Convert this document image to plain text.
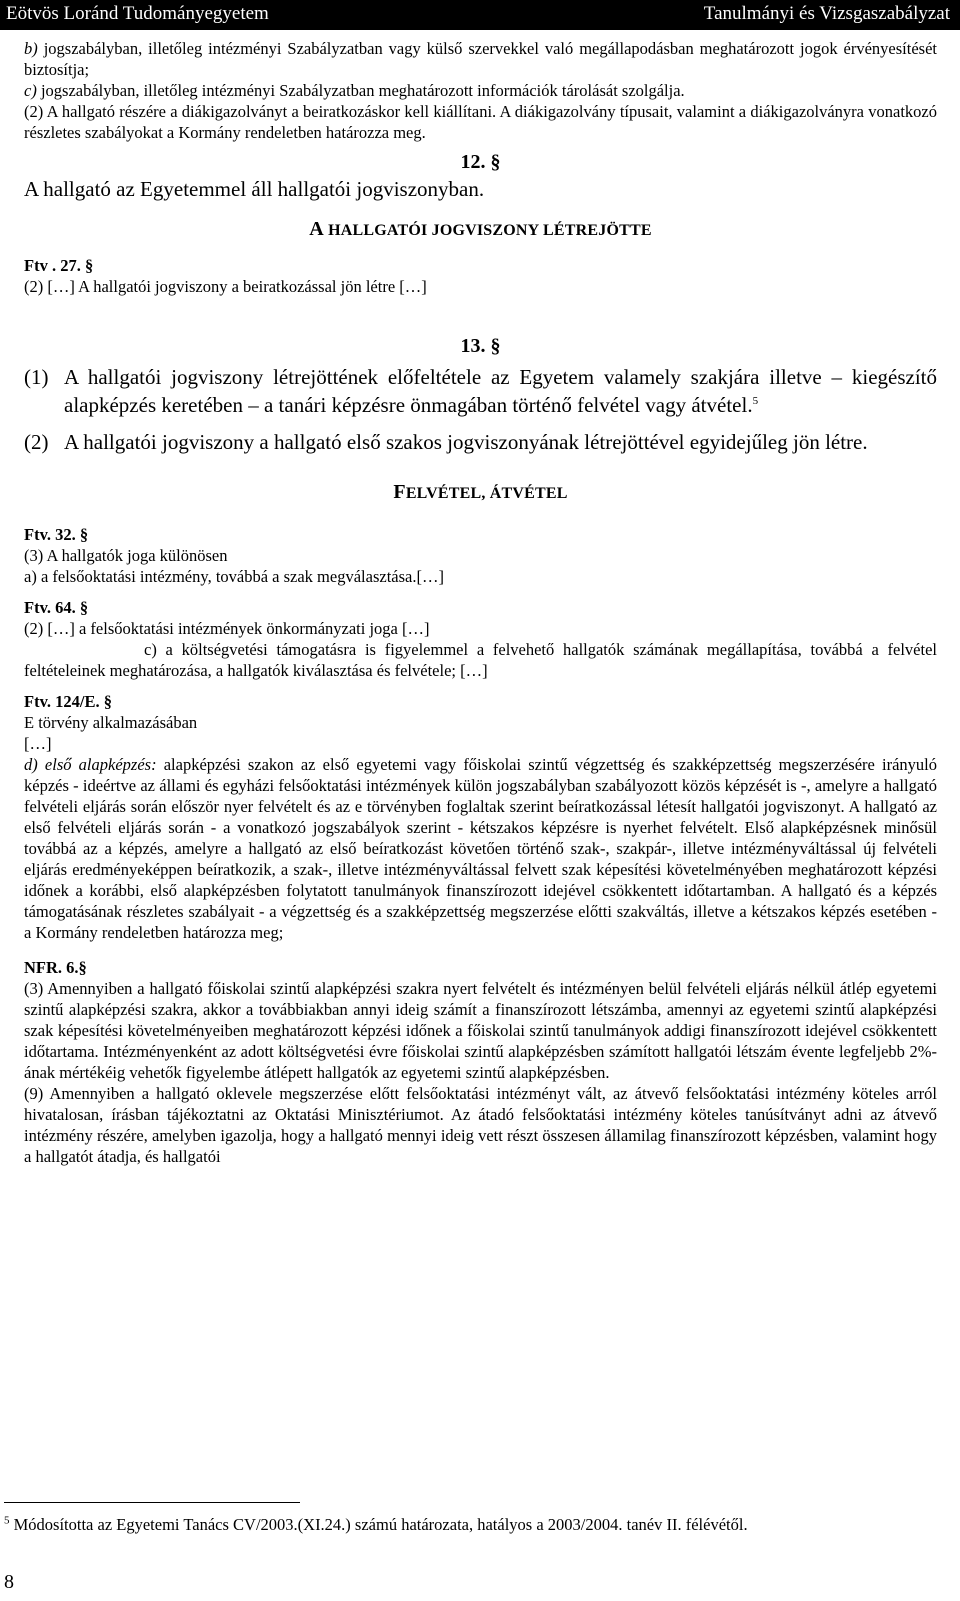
Eötvös Loránd Tudományegyetem	Tanulmányi és Vizsgaszabályzat

b) jogszabályban, illetőleg intézményi Szabályzatban vagy külső szervekkel való megállapodásban meghatározott jogok érvényesítését biztosítja;

c) jogszabályban, illetőleg intézményi Szabályzatban meghatározott információk tárolását szolgálja.

(2) A hallgató részére a diákigazolványt a beiratkozáskor kell kiállítani. A diákigazolvány típusait, valamint a diákigazolványra vonatkozó részletes szabályokat a Kormány rendeletben határozza meg.

12. §

A hallgató az Egyetemmel áll hallgatói jogviszonyban.

A HALLGATÓI JOGVISZONY LÉTREJÖTTE

Ftv . 27. §

(2) […] A hallgatói jogviszony a beiratkozással jön létre […]

13. §

(1) A hallgatói jogviszony létrejöttének előfeltétele az Egyetem valamely szakjára illetve – kiegészítő alapképzés keretében – a tanári képzésre önmagában történő felvétel vagy átvétel.$^5$
(2) A hallgatói jogviszony a hallgató első szakos jogviszonyának létrejöttével egyidejűleg jön létre.

FELVÉTEL, ÁTVÉTEL

Ftv. 32. §

(3) A hallgatók joga különösen

a) a felsőoktatási intézmény, továbbá a szak megválasztása.[…]

Ftv. 64. §

(2) […] a felsőoktatási intézmények önkormányzati joga […]

c) a költségvetési támogatásra is figyelemmel a felvehető hallgatók számának megállapítása, továbbá a felvétel feltételeinek meghatározása, a hallgatók kiválasztása és felvétele; […]

Ftv. 124/E. §

E törvény alkalmazásában

[…]

d) első alapképzés: alapképzési szakon az első egyetemi vagy főiskolai szintű végzettség és szakképzettség megszerzésére irányuló képzés - ideértve az állami és egyházi felsőoktatási intézmények külön jogszabályban szabályozott közös képzését is -, amelyre a hallgató felvételi eljárás során először nyer felvételt és az e törvényben foglaltak szerint beíratkozással létesít hallgatói jogviszonyt. A hallgató az első felvételi eljárás során - a vonatkozó jogszabályok szerint - kétszakos képzésre is nyerhet felvételt. Első alapképzésnek minősül továbbá az a képzés, amelyre a hallgató az első beíratkozást követően történő szak-, szakpár-, illetve intézményváltással új felvételi eljárás eredményeképpen beíratkozik, a szak-, illetve intézményváltással felvett szak képesítési követelményében meghatározott képzési időnek a korábbi, első alapképzésben folytatott tanulmányok finanszírozott idejével csökkentett időtartamban. A hallgató és a képzés támogatásának részletes szabályait - a végzettség és a szakképzettség megszerzése előtti szakváltás, illetve a kétszakos képzés esetében - a Kormány rendeletben határozza meg;

NFR. 6.§

(3) Amennyiben a hallgató főiskolai szintű alapképzési szakra nyert felvételt és intézményen belül felvételi eljárás nélkül átlép egyetemi szintű alapképzési szakra, akkor a továbbiakban annyi ideig számít a finanszírozott létszámba, amennyi az egyetemi szintű alapképzési szak képesítési követelményeiben meghatározott képzési időnek a főiskolai szintű tanulmányok addigi finanszírozott idejével csökkentett időtartama. Intézményenként az adott költségvetési évre főiskolai szintű alapképzésben számított hallgatói létszám évente legfeljebb 2%-ának mértékéig vehetők figyelembe átlépett hallgatók az egyetemi szintű alapképzésben.

(9) Amennyiben a hallgató oklevele megszerzése előtt felsőoktatási intézményt vált, az átvevő felsőoktatási intézmény köteles arról hivatalosan, írásban tájékoztatni az Oktatási Minisztériumot. Az átadó felsőoktatási intézmény köteles tanúsítványt adni az átvevő intézmény részére, amelyben igazolja, hogy a hallgató mennyi ideig vett részt összesen államilag finanszírozott képzésben, valamint hogy a hallgatót átadja, és hallgatói

$^5$ Módosította az Egyetemi Tanács CV/2003.(XI.24.) számú határozata, hatályos a 2003/2004. tanév II. félévétől.
8
